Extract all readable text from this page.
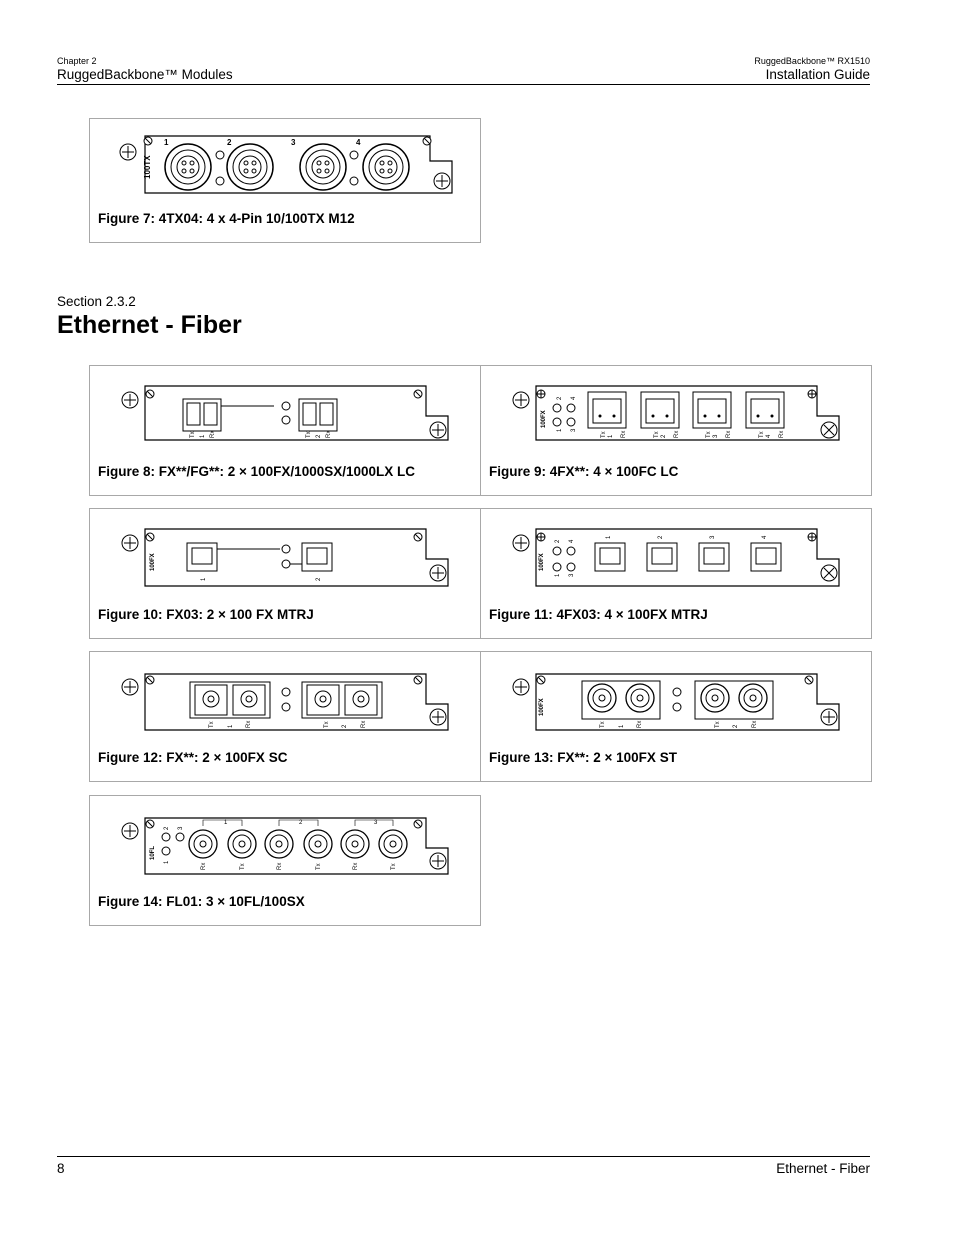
Chapter 2
RuggedBackbone™ Modules
RuggedBackbone™ RX1510
Installation Guide
100TX
1	2	3	4
Figure 7: 4TX04: 4 x 4-Pin 10/100TX M12
Section 2.3.2
Ethernet - Fiber
Tx 1 Rx	Tx 2 Rx
Figure 8: FX**/FG**: 2 × 100FX/1000SX/1000LX LC
100FX
1
2
3
4
Tx 1 Rx	Tx 2 Rx	Tx 3 Rx	Tx 4 Rx
Figure 9: 4FX**: 4 × 100FC LC
100FX
1	2
Figure 10: FX03: 2 × 100 FX MTRJ
100FX
1
2
3
4
1	2	3	4
Figure 11: 4FX03: 4 × 100FX MTRJ
Tx 1 Rx	Tx 2 Rx
Figure 12: FX**: 2 × 100FX SC
100FX
Tx 1 Rx	Tx 2 Rx
Figure 13: FX**: 2 × 100FX ST
10FL
1
2 3
1	2	3
Rx	Tx	Rx	Tx	Rx	Tx
Figure 14: FL01: 3 × 10FL/100SX
8	Ethernet - Fiber
